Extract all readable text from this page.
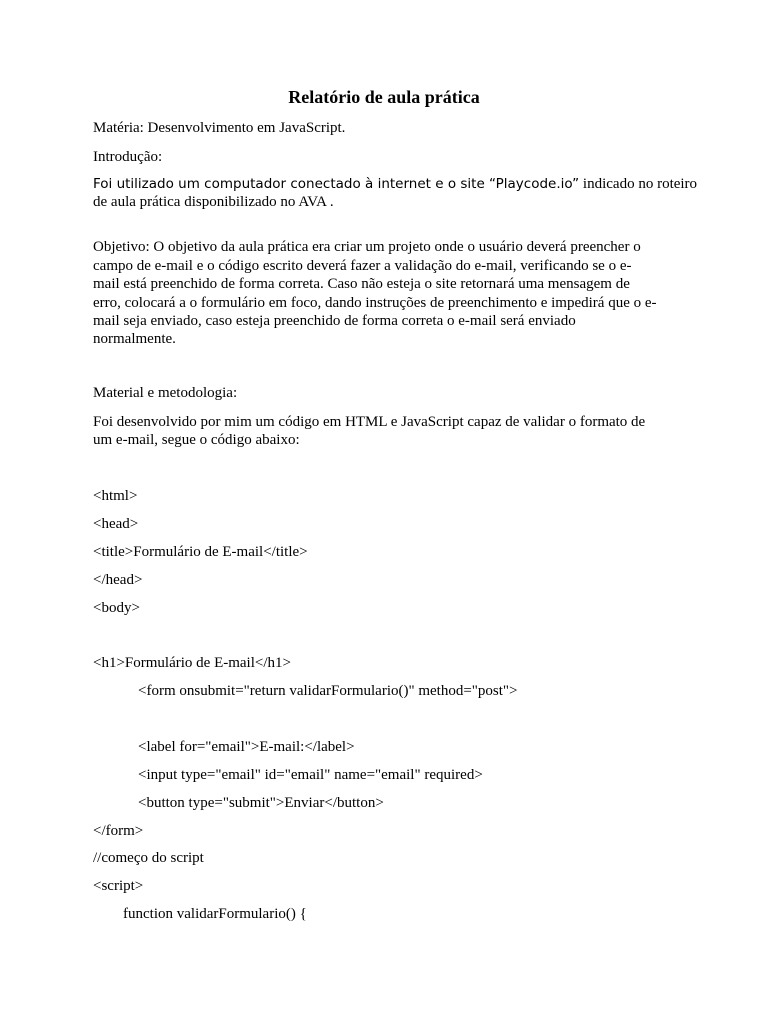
Relatório de aula prática

Matéria: Desenvolvimento em JavaScript.

Introdução:

Foi utilizado um computador conectado à internet e o site “Playcode.io” indicado no roteiro

de aula prática disponibilizado no AVA .

Objetivo: O objetivo da aula prática era criar um projeto onde o usuário deverá preencher o

campo de e-mail e o código escrito deverá fazer a validação do e-mail, verificando se o e-

mail está preenchido de forma correta. Caso não esteja o site retornará uma mensagem de

erro, colocará a o formulário em foco, dando instruções de preenchimento e impedirá que o e-

mail seja enviado, caso esteja preenchido de forma correta o e-mail será enviado

normalmente.

Material e metodologia:

Foi desenvolvido por mim um código em HTML e JavaScript capaz de validar o formato de

um e-mail, segue o código abaixo:

<html>

<head>

<title>Formulário de E-mail</title>

</head>

<body>

<h1>Formulário de E-mail</h1>

<form onsubmit="return validarFormulario()" method="post">

<label for="email">E-mail:</label>

<input type="email" id="email" name="email" required>

<button type="submit">Enviar</button>

</form>

//começo do script

<script>

function validarFormulario() {
